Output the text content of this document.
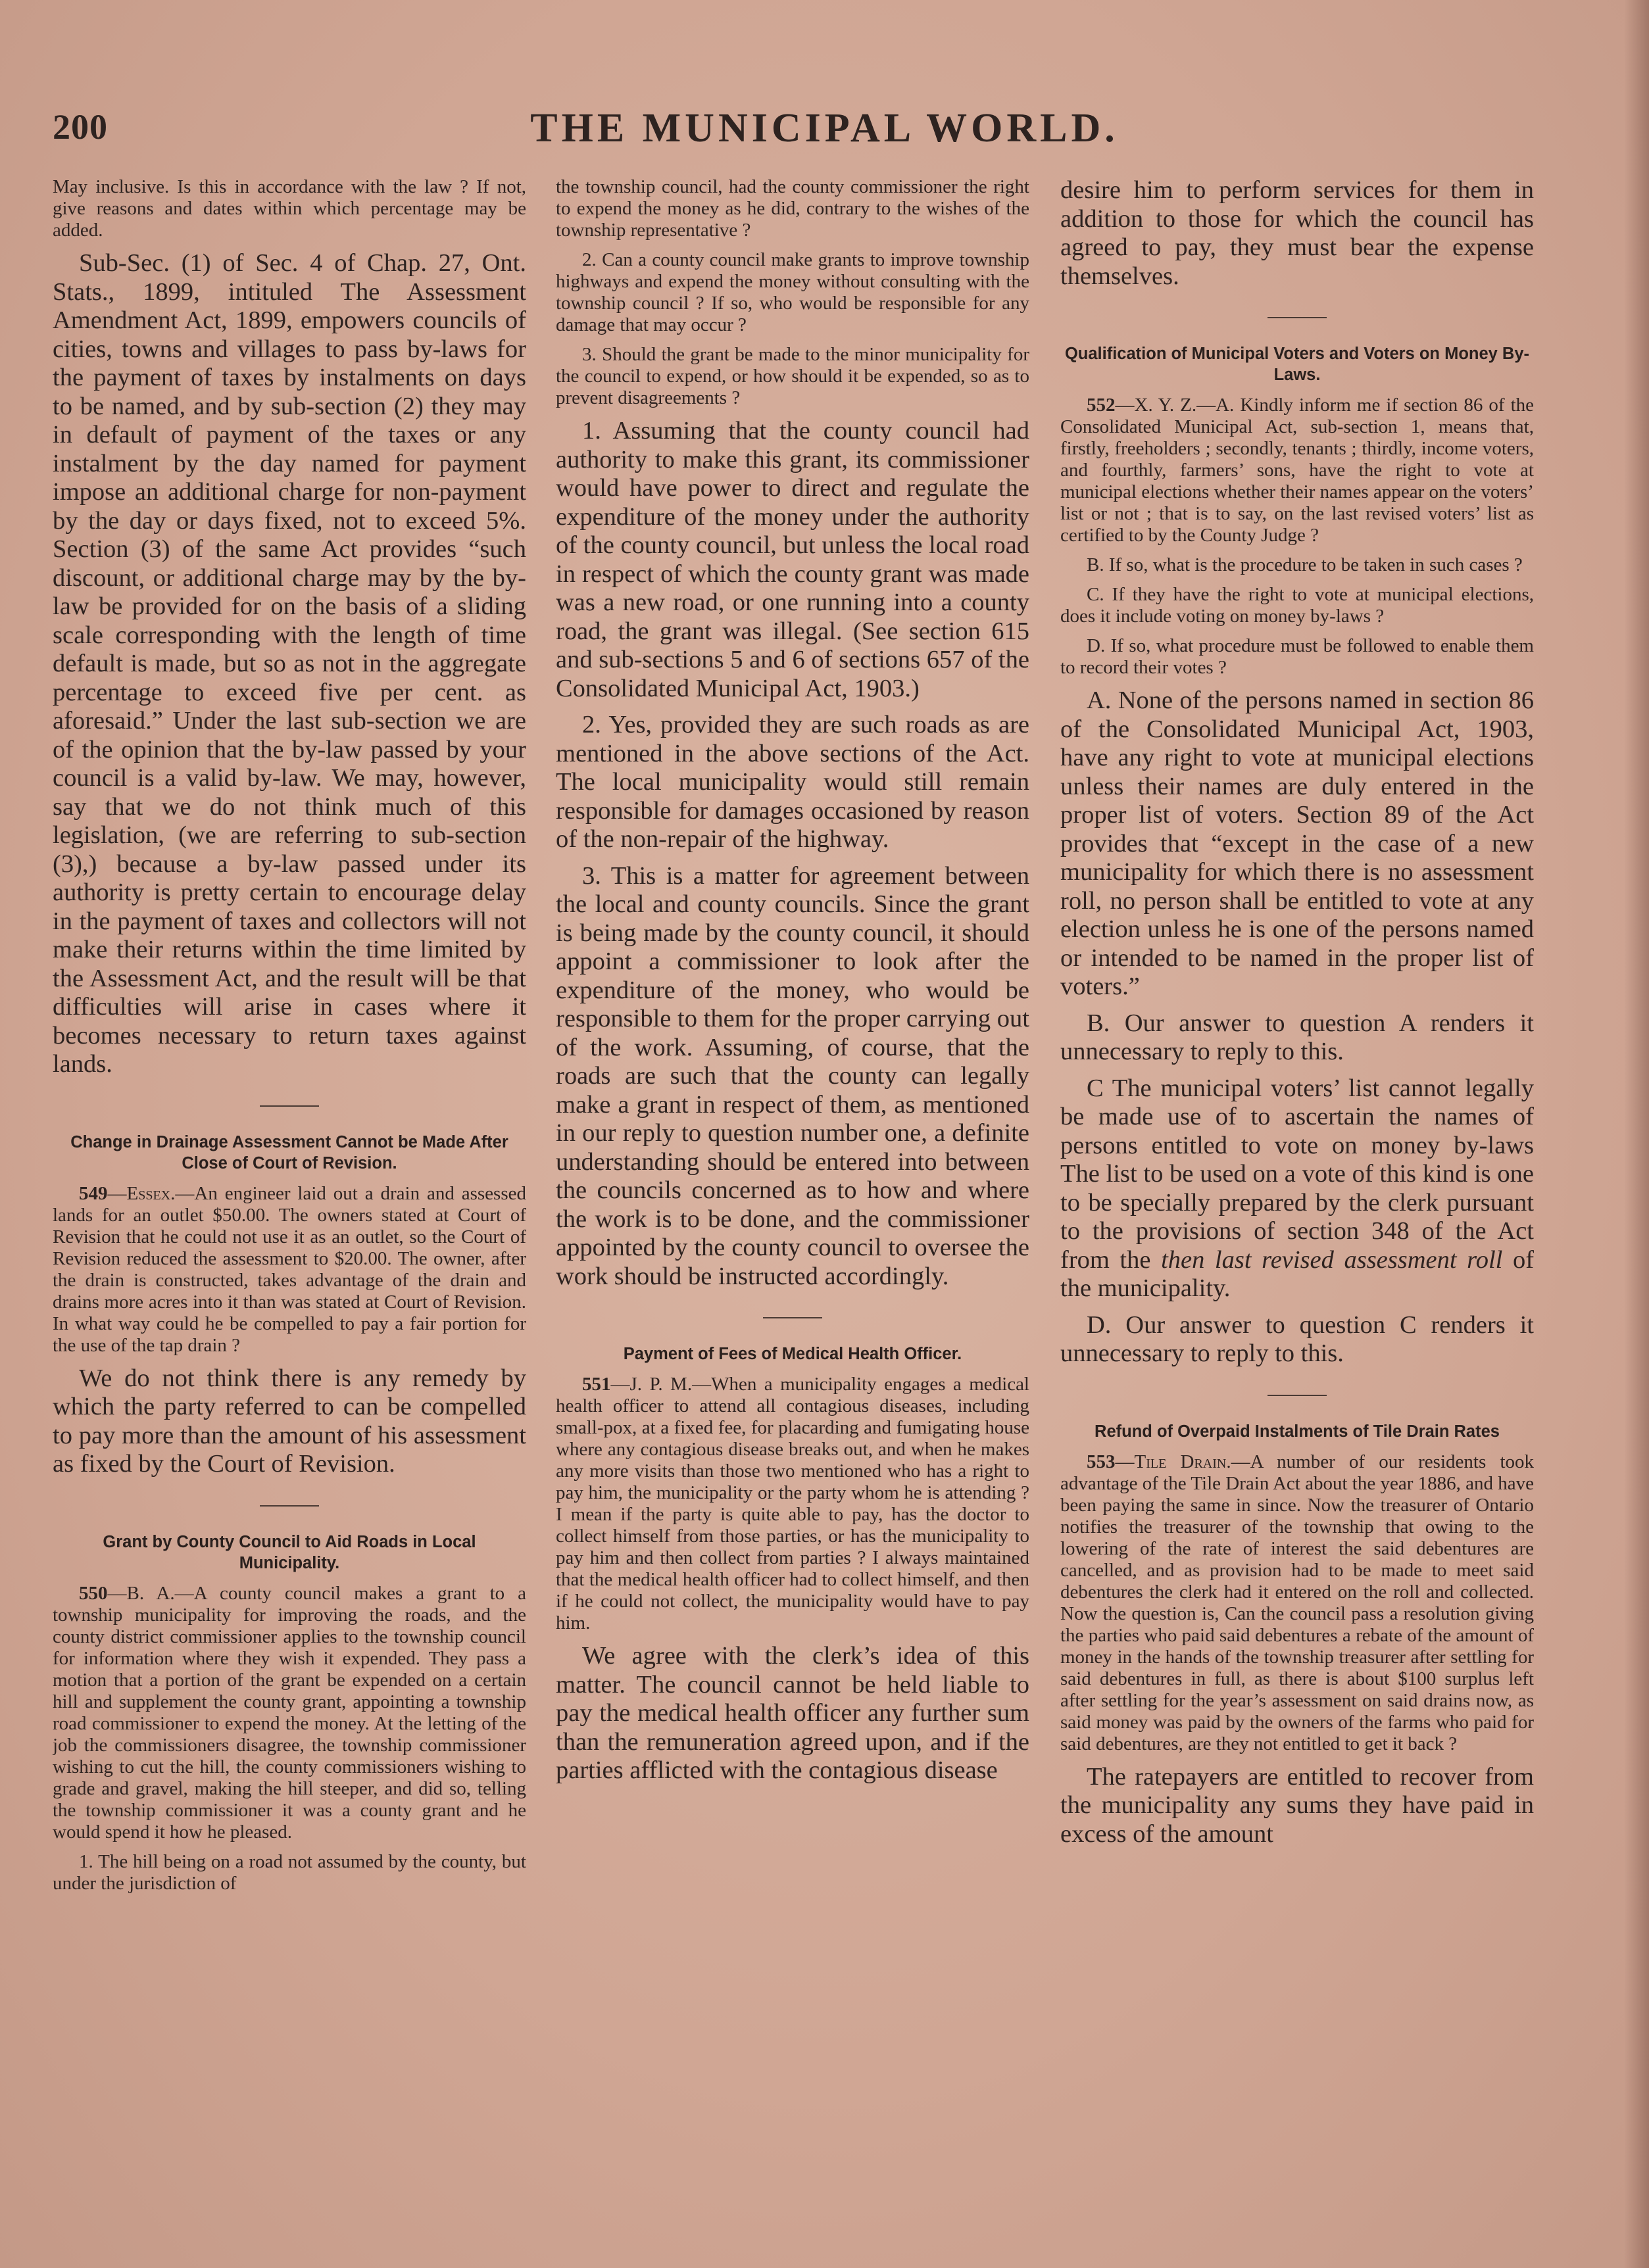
200	THE MUNICIPAL WORLD.

May inclusive. Is this in accordance with the law ? If not, give reasons and dates within which percentage may be added.

Sub-Sec. (1) of Sec. 4 of Chap. 27, Ont. Stats., 1899, intituled The Assessment Amendment Act, 1899, empowers councils of cities, towns and villages to pass by-laws for the payment of taxes by instalments on days to be named, and by sub-section (2) they may in default of payment of the taxes or any instalment by the day named for payment impose an additional charge for non-payment by the day or days fixed, not to exceed 5%. Section (3) of the same Act provides “such discount, or additional charge may by the by-law be provided for on the basis of a sliding scale corresponding with the length of time default is made, but so as not in the aggregate percentage to exceed five per cent. as aforesaid.” Under the last sub-section we are of the opinion that the by-law passed by your council is a valid by-law. We may, however, say that we do not think much of this legislation, (we are referring to sub-section (3),) because a by-law passed under its authority is pretty certain to encourage delay in the payment of taxes and collectors will not make their returns within the time limited by the Assessment Act, and the result will be that difficulties will arise in cases where it becomes necessary to return taxes against lands.

Change in Drainage Assessment Cannot be Made After Close of Court of Revision.

549—Essex.—An engineer laid out a drain and assessed lands for an outlet $50.00. The owners stated at Court of Revision that he could not use it as an outlet, so the Court of Revision reduced the assessment to $20.00. The owner, after the drain is constructed, takes advantage of the drain and drains more acres into it than was stated at Court of Revision. In what way could he be compelled to pay a fair portion for the use of the tap drain ?

We do not think there is any remedy by which the party referred to can be compelled to pay more than the amount of his assessment as fixed by the Court of Revision.

Grant by County Council to Aid Roads in Local Municipality.

550—B. A.—A county council makes a grant to a township municipality for improving the roads, and the county district commissioner applies to the township council for information where they wish it expended. They pass a motion that a portion of the grant be expended on a certain hill and supplement the county grant, appointing a township road commissioner to expend the money. At the letting of the job the commissioners disagree, the township commissioner wishing to cut the hill, the county commissioners wishing to grade and gravel, making the hill steeper, and did so, telling the township commissioner it was a county grant and he would spend it how he pleased.

1. The hill being on a road not assumed by the county, but under the jurisdiction of

the township council, had the county commissioner the right to expend the money as he did, contrary to the wishes of the township representative ?

2. Can a county council make grants to improve township highways and expend the money without consulting with the township council ? If so, who would be responsible for any damage that may occur ?

3. Should the grant be made to the minor municipality for the council to expend, or how should it be expended, so as to prevent disagreements ?

1. Assuming that the county council had authority to make this grant, its commissioner would have power to direct and regulate the expenditure of the money under the authority of the county council, but unless the local road in respect of which the county grant was made was a new road, or one running into a county road, the grant was illegal. (See section 615 and sub-sections 5 and 6 of sections 657 of the Consolidated Municipal Act, 1903.)

2. Yes, provided they are such roads as are mentioned in the above sections of the Act. The local municipality would still remain responsible for damages occasioned by reason of the non-repair of the highway.

3. This is a matter for agreement between the local and county councils. Since the grant is being made by the county council, it should appoint a commissioner to look after the expenditure of the money, who would be responsible to them for the proper carrying out of the work. Assuming, of course, that the roads are such that the county can legally make a grant in respect of them, as mentioned in our reply to question number one, a definite understanding should be entered into between the councils concerned as to how and where the work is to be done, and the commissioner appointed by the county council to oversee the work should be instructed accordingly.

Payment of Fees of Medical Health Officer.

551—J. P. M.—When a municipality engages a medical health officer to attend all contagious diseases, including small-pox, at a fixed fee, for placarding and fumigating house where any contagious disease breaks out, and when he makes any more visits than those two mentioned who has a right to pay him, the municipality or the party whom he is attending ? I mean if the party is quite able to pay, has the doctor to collect himself from those parties, or has the municipality to pay him and then collect from parties ? I always maintained that the medical health officer had to collect himself, and then if he could not collect, the municipality would have to pay him.

We agree with the clerk’s idea of this matter. The council cannot be held liable to pay the medical health officer any further sum than the remuneration agreed upon, and if the parties afflicted with the contagious disease

desire him to perform services for them in addition to those for which the council has agreed to pay, they must bear the expense themselves.

Qualification of Municipal Voters and Voters on Money By-Laws.

552—X. Y. Z.—A. Kindly inform me if section 86 of the Consolidated Municipal Act, sub-section 1, means that, firstly, freeholders ; secondly, tenants ; thirdly, income voters, and fourthly, farmers’ sons, have the right to vote at municipal elections whether their names appear on the voters’ list or not ; that is to say, on the last revised voters’ list as certified to by the County Judge ?

B. If so, what is the procedure to be taken in such cases ?

C. If they have the right to vote at municipal elections, does it include voting on money by-laws ?

D. If so, what procedure must be followed to enable them to record their votes ?

A. None of the persons named in section 86 of the Consolidated Municipal Act, 1903, have any right to vote at municipal elections unless their names are duly entered in the proper list of voters. Section 89 of the Act provides that “except in the case of a new municipality for which there is no assessment roll, no person shall be entitled to vote at any election unless he is one of the persons named or intended to be named in the proper list of voters.”

B. Our answer to question A renders it unnecessary to reply to this.

C The municipal voters’ list cannot legally be made use of to ascertain the names of persons entitled to vote on money by-laws The list to be used on a vote of this kind is one to be specially prepared by the clerk pursuant to the provisions of section 348 of the Act from the then last revised assessment roll of the municipality.

D. Our answer to question C renders it unnecessary to reply to this.

Refund of Overpaid Instalments of Tile Drain Rates

553—Tile Drain.—A number of our residents took advantage of the Tile Drain Act about the year 1886, and have been paying the same in since. Now the treasurer of Ontario notifies the treasurer of the township that owing to the lowering of the rate of interest the said debentures are cancelled, and as provision had to be made to meet said debentures the clerk had it entered on the roll and collected. Now the question is, Can the council pass a resolution giving the parties who paid said debentures a rebate of the amount of money in the hands of the township treasurer after settling for said debentures in full, as there is about $100 surplus left after settling for the year’s assessment on said drains now, as said money was paid by the owners of the farms who paid for said debentures, are they not entitled to get it back ?

The ratepayers are entitled to recover from the municipality any sums they have paid in excess of the amount
